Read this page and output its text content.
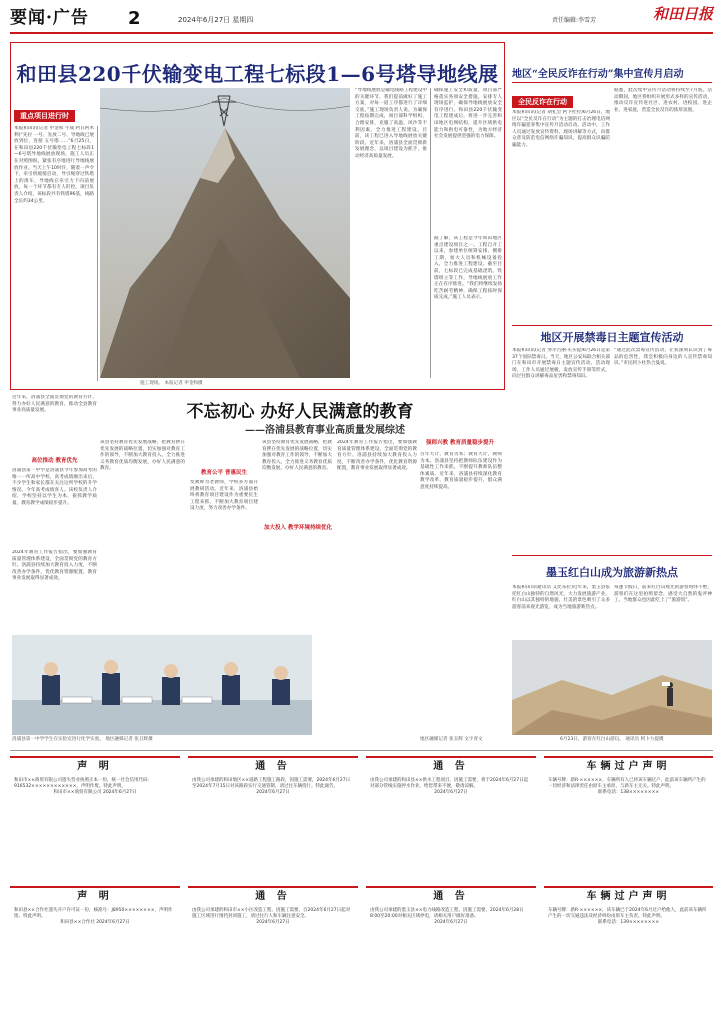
要闻·广告 2	2024年6月27日 星期四	责任编辑:李雪芳	和田日报
和田县220千伏输变电工程七标段1—6号塔导地线展
重点项目进行时
本报和田讯(记者 申金和 牛成 阿日阿木利)“先拉 一号、先放二号、导地线已展放到位，连接 五号塔……”6月25日，在和田县220千伏输变电工程七标段1—6号塔导地线展放现场，施工人员正在对照图纸，紧张有序地进行导地线展放作业。当天上午10时许，随着一声令下，牵引机缓缓启动，导引绳穿过铁塔上的滑车，导地线在牵引力下向前展放，每一个环节都有专人盯控。项目负责人介绍，该标段共有铁塔96基，线路全长约34公里。
施工现场。 本报记者 申金和摄
“导地线展放是输电线路工程建设中的关键环节，我们提前做好了施工方案，对每一道工序都进行了详细交底。”施工现场负责人说。为确保工程按期完成，项目部科学组织、合理安排，克服了高温、风沙等不利因素，全力推进工程建设。目前，该工程已进入导地线展放关键阶段。近年来，洛浦县全面贯彻新发展理念，以项目建设为抓手，推动经济高质量发展。
确保施工安全和质量，项目部严格落实各项安全措施，安排专人现场监护，确保导地线展放安全有序进行。和田县220千伏输变电工程建成后，将进一步完善和田地区电网结构，提升区域供电能力和供电可靠性，为地方经济社会发展提供坚强的电力保障。
据了解，该工程是今年和田地区重点建设项目之一。工程自开工以来，参建单位统筹安排、倒排工期，加大人员和机械设备投入，全力推进工程建设。截至目前，七标段已完成基础浇筑、铁塔组立等工作，导地线展放工作正在有序推进。“我们将继续发扬吃苦耐劳精神，确保工程按时保质完成。”施工人员表示。
近年来，洛浦县全面贯彻党的教育方针，努力办好人民满意的教育，推动全县教育事业高质量发展。
高位推动 教育优先
洛浦县第一中学是洛浦县今年参加高考的唯一一所高中学校，高考成绩刚出来后，不少学生和家长都在关注这所学校的升学情况。今年高考成绩喜人。该校负责人介绍，学校坚持以学生为本，狠抓教学质量，教育教学成绩稳步提升。
2024年教育工作报告指出，要加强教育质量管理体系建设，全面贯彻党的教育方针。洛浦县持续加大教育投入力度，不断改善办学条件，优化教育资源配置，教育事业发展取得显著成效。
不忘初心 办好人民满意的教育
——洛浦县教育事业高质量发展综述
教育公平 普惠民生
该县坚持教育优先发展战略，把教育摆在优先发展的战略位置，切实加强对教育工作的领导，不断加大教育投入，全力推进义务教育优质均衡发展，办好人民满意的教育。
加大投入 教学环境持续优化
变教师为老教师，学校多方面开展教研活动。近年来，洛浦县始终将教育项目建设作为重要民生工程来抓，不断加大教育项目建设力度，努力改善办学条件。
该县坚持教育优先发展战略，把教育摆在优先发展的战略位置，切实加强对教育工作的领导，不断加大教育投入，全力推进义务教育优质均衡发展，办好人民满意的教育。
强师兴教 教育质量稳步提升
百年大计，教育为本；教育大计，教师为本。洛浦县坚持把教师队伍建设作为基础性工作来抓，不断提升教师队伍整体素质。近年来，洛浦县持续深化教育教学改革，教育质量稳步提升，群众满意度持续提高。
2024年教育工作报告指出，要加强教育质量管理体系建设，全面贯彻党的教育方针。洛浦县持续加大教育投入力度，不断改善办学条件，优化教育资源配置，教育事业发展取得显著成效。
洛浦县第一中学学生在实验室进行化学实验。 地区融媒记者 张丑辉摄	地区融媒记者 张丑辉 文宇青文
地区“全民反诈在行动”集中宣传月启动
全民反诈在行动
本报和田讯(记者 胡礼会 阿卜杜拉)6月26日，地区以“全民反诈在行动”为主题的打击治理电信网络诈骗犯罪集中宣传月活动启动。活动中，工作人员通过发放宣传资料、现场讲解等方式，向群众普及防范电信网络诈骗知识，提高群众识骗防骗能力。
据悉，此次集中宣传月活动将持续至7月底。活动期间，地区将组织开展形式多样的宣传活动，推动反诈宣传进社区、进农村、进校园、进企业、进家庭，营造全民反诈的浓厚氛围。
地区开展禁毒日主题宣传活动
本报和田讯(记者 努尔古丽·买买提)6月26日是第37个国际禁毒日。当天，地区公安局联合相关部门在和田市开展禁毒日主题宣传活动。活动现场，工作人员通过展板、发放宣传手册等形式，向过往群众讲解毒品危害和禁毒知识。
“通过此次禁毒宣传活动，让我深刻认识到了毒品的危害性，我会积极向身边的人宣传禁毒知识。”市民阿卜杜热合曼说。
墨玉红白山成为旅游新热点
本报和田讯(通讯员 艾比布拉)近年来，墨玉县依托红白山独特的自然风光，大力发展旅游产业。红白山以其独特的地貌、壮美的景色吸引了众多游客前来观光游览，成为当地旅游新热点。
每逢节假日，前来红白山观光的游客络绎不绝，游客们在这里拍照留念，感受大自然的鬼斧神工，当地群众也因此吃上了“旅游饭”。
6月23日，游客在红白山游玩。 通讯员 阿卜力提摄
声 明
和田市××商贸有限公司遗失营业执照正本一份，统一社会信用代码：916532××××××××××××，声明作废。特此声明。
和田市××商贸有限公司 2024年6月27日
通 告
由我公司承建的和田地区××道路工程施工路段，因施工需要，2024年6月27日至2024年7月15日对该路段实行交通管制，请过往车辆绕行。特此通告。
2024年6月27日
通 告
由我公司承建的和田县××供水工程项目，因施工需要，将于2024年6月27日起对部分管线实施停水作业，给您带来不便，敬请谅解。
2024年6月27日
车辆过户声明
车辆号牌：新R·××××××，车辆所有人已将该车辆过户，此前该车辆所产生的一切经济和法律责任由原车主承担，与新车主无关。特此声明。
联系电话：138××××××××
声 明
和田县××合作社遗失开户许可证一份，核准号：J8950××××××××，声明作废。特此声明。
和田县××合作社 2024年6月27日
通 告
由我公司承建的和田市××小区改造工程，因施工需要，自2024年6月27日起对施工区域进行围挡封闭施工，请过往行人和车辆注意安全。
2024年6月27日
通 告
由我公司承建的墨玉县××电力线路改造工程，因施工需要，2024年6月28日8:00至20:00对相关区域停电，请相关用户做好准备。
2024年6月27日
车辆过户声明
车辆号牌：新R·××××××，该车辆已于2024年6月过户给他人，此前该车辆所产生的一切交通违法及经济纠纷由原车主负责。特此声明。
联系电话：139××××××××
